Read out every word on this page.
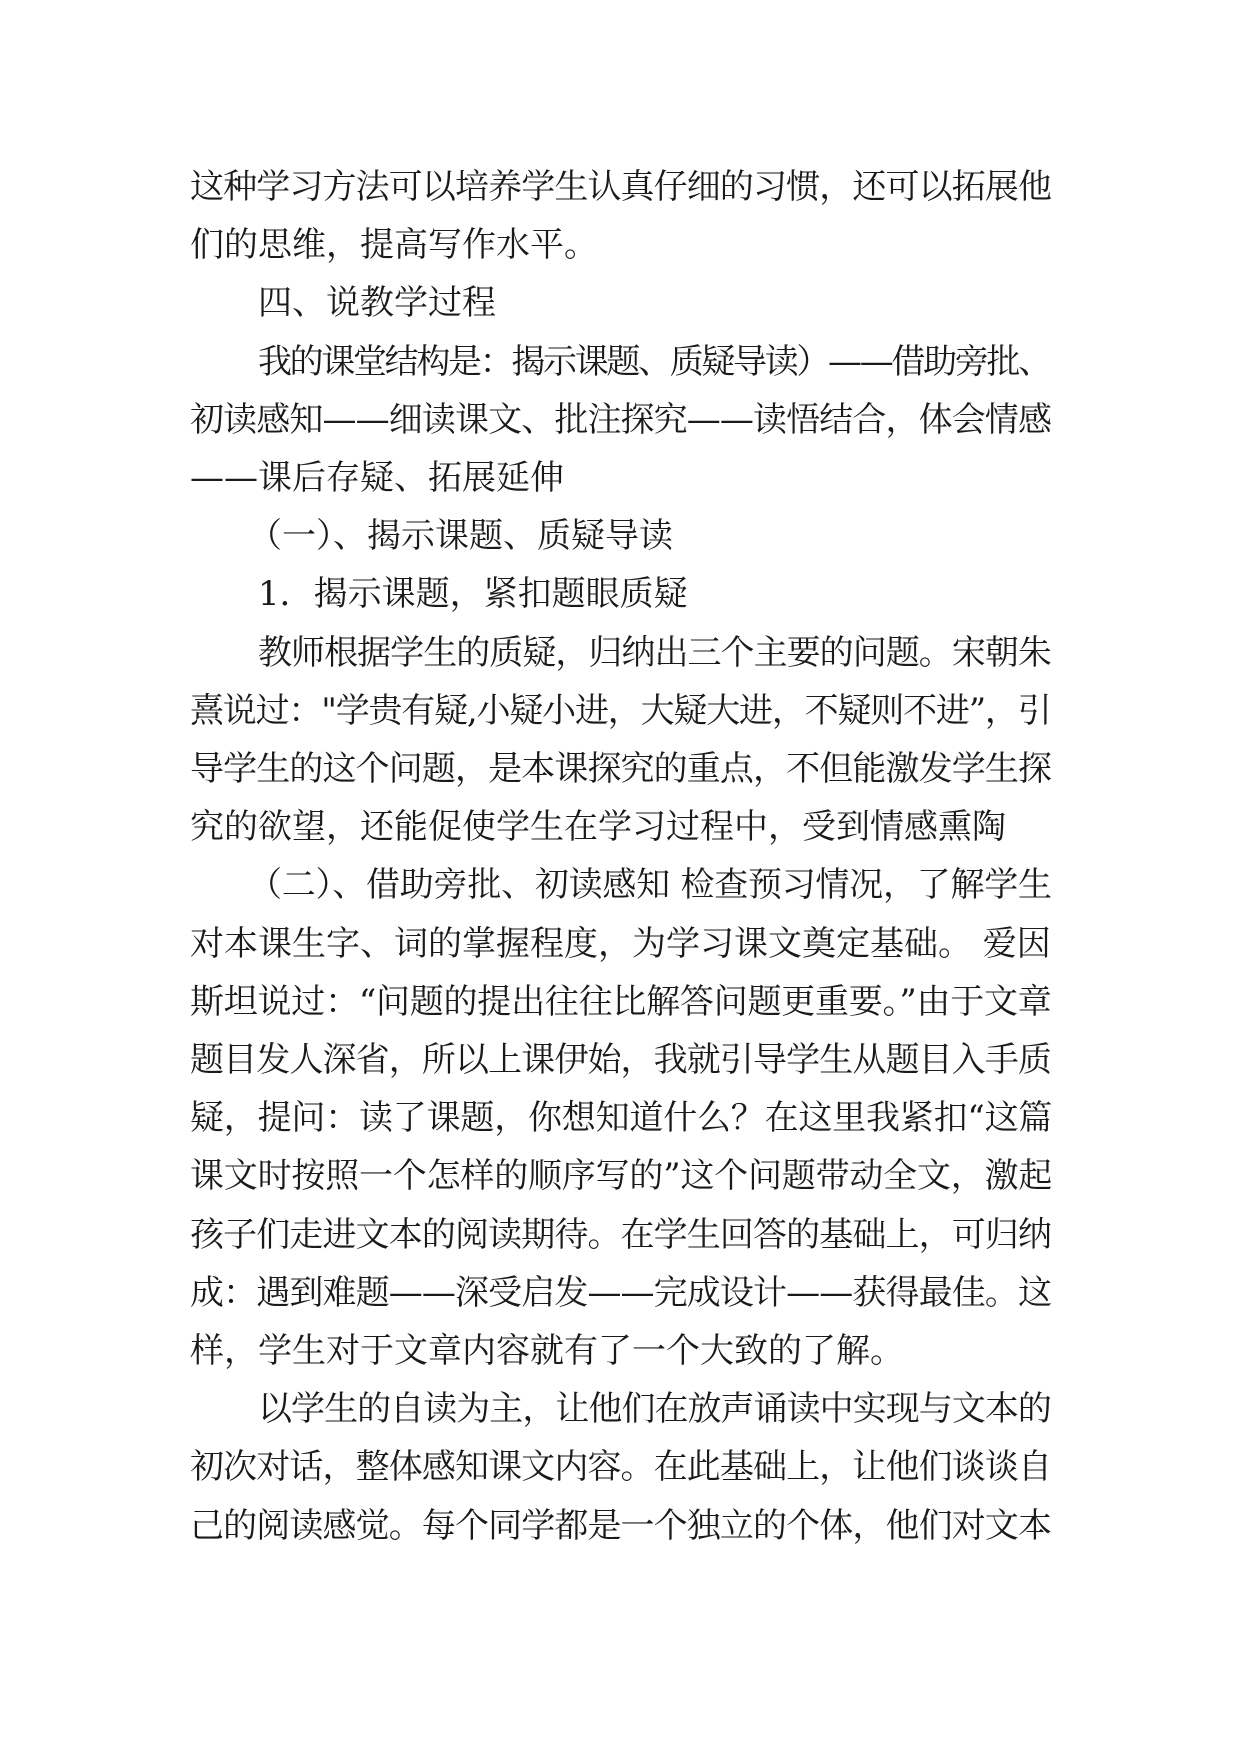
这种学习方法可以培养学生认真仔细的习惯，还可以拓展他
们的思维，提高写作水平。
四、说教学过程
我的课堂结构是：揭示课题、质疑导读）——借助旁批、
初读感知——细读课文、批注探究——读悟结合，体会情感
——课后存疑、拓展延伸
（一）、揭示课题、质疑导读
1．揭示课题，紧扣题眼质疑
教师根据学生的质疑，归纳出三个主要的问题。宋朝朱
熹说过："学贵有疑,小疑小进，大疑大进，不疑则不进”，引
导学生的这个问题，是本课探究的重点，不但能激发学生探
究的欲望，还能促使学生在学习过程中，受到情感熏陶
（二）、借助旁批、初读感知 检查预习情况，了解学生
对本课生字、词的掌握程度，为学习课文奠定基础。 爱因
斯坦说过：“问题的提出往往比解答问题更重要。”由于文章
题目发人深省，所以上课伊始，我就引导学生从题目入手质
疑，提问：读了课题，你想知道什么？在这里我紧扣“这篇
课文时按照一个怎样的顺序写的”这个问题带动全文，激起
孩子们走进文本的阅读期待。在学生回答的基础上，可归纳
成：遇到难题——深受启发——完成设计——获得最佳。这
样，学生对于文章内容就有了一个大致的了解。
以学生的自读为主，让他们在放声诵读中实现与文本的
初次对话，整体感知课文内容。在此基础上，让他们谈谈自
己的阅读感觉。每个同学都是一个独立的个体，他们对文本
